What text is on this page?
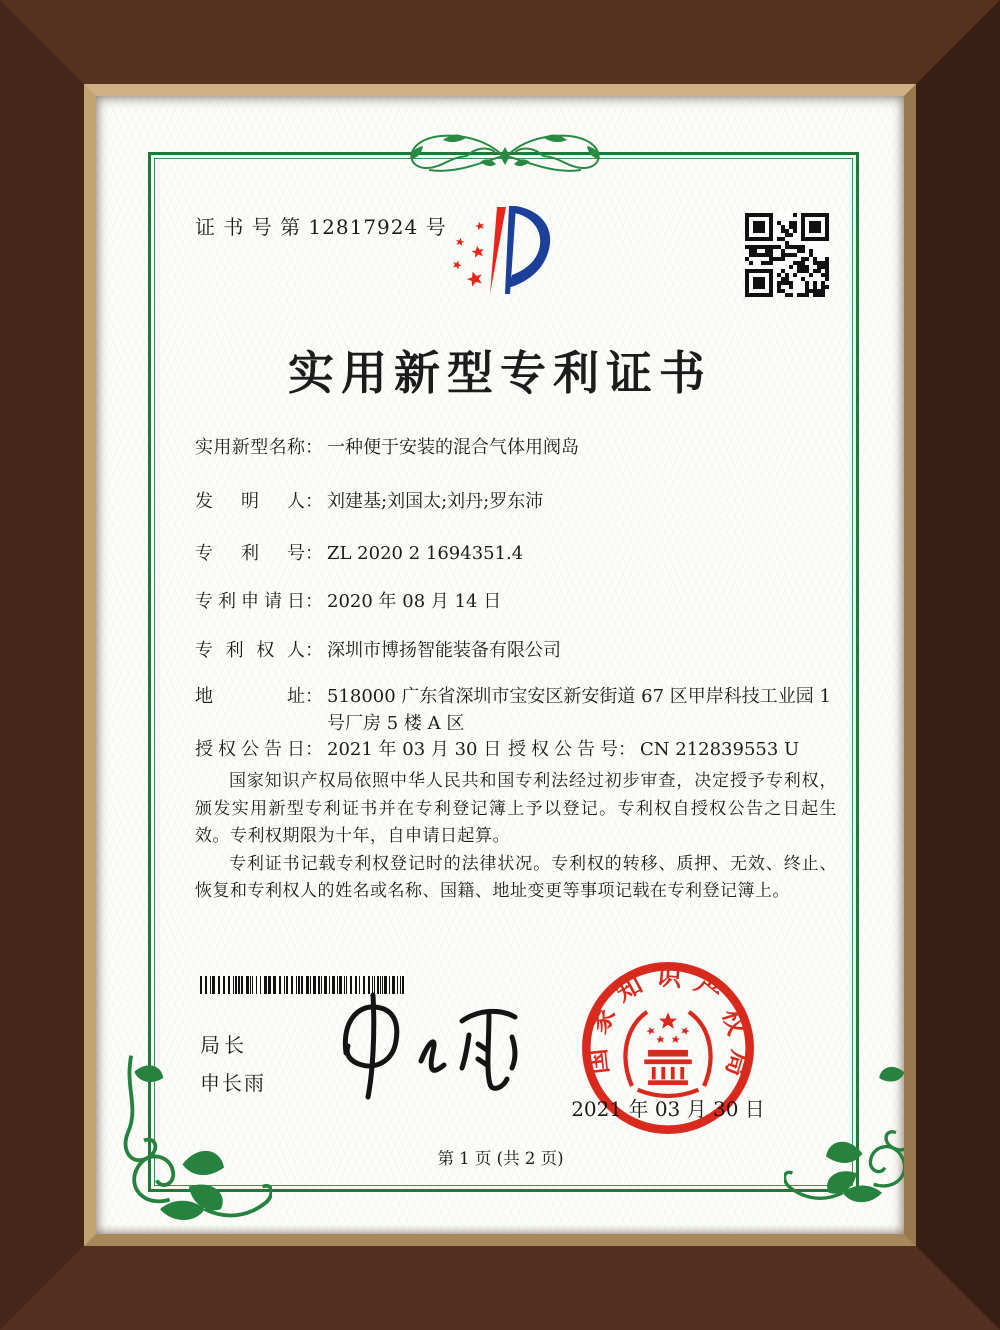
证 书 号 第 12817924 号
实用新型专利证书
实用新型名称 ： 一种便于安装的混合气体用阀岛
发明人 ： 刘建基;刘国太;刘丹;罗东沛
专利号 ： ZL 2020 2 1694351.4
专利申请日 ： 2020 年 08 月 14 日
专利权人 ： 深圳市博扬智能装备有限公司
地址 ： 518000 广东省深圳市宝安区新安街道 67 区甲岸科技工业园 1 号厂房 5 楼 A 区
授权公告日 ： 2021 年 03 月 30 日 授权公告号 ： CN 212839553 U

国家知识产权局依照中华人民共和国专利法经过初步审查，决定授予专利权，颁发实用新型专利证书并在专利登记簿上予以登记。专利权自授权公告之日起生效。专利权期限为十年，自申请日起算。

专利证书记载专利权登记时的法律状况。专利权的转移、质押、无效、终止、恢复和专利权人的姓名或名称、国籍、地址变更等事项记载在专利登记簿上。

局长
申长雨
2021 年 03 月 30 日
国家知识产权局
第 1 页 (共 2 页)
